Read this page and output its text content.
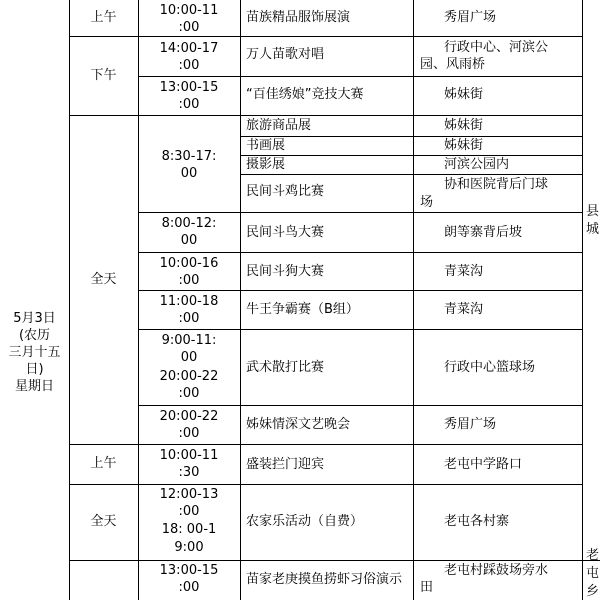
5月3日
(农历
三月十五
日)
星期日
上午
下午
全天
上午
全天
10:00-11
:00
14:00-17
:00
13:00-15
:00
8:30-17:
00
8:00-12:
00
10:00-16
:00
11:00-18
:00
9:00-11:
00
20:00-22
:00
20:00-22
:00
10:00-11
:30
12:00-13
:00
18: 00-1
9:00
13:00-15
:00
苗族精品服饰展演
万人苗歌对唱
“百佳绣娘”竞技大赛
旅游商品展
书画展
摄影展
民间斗鸡比赛
民间斗鸟大赛
民间斗狗大赛
牛王争霸赛（B组）
武术散打比赛
姊妹情深文艺晚会
盛装拦门迎宾
农家乐活动（自费）
苗家老庚摸鱼捞虾习俗演示
秀眉广场
行政中心、河滨公
园、风雨桥
姊妹街
姊妹街
姊妹街
河滨公园内
协和医院背后门球
场
朗等寨背后坡
青菜沟
青菜沟
行政中心篮球场
秀眉广场
老屯中学路口
老屯各村寨
老屯村踩鼓场旁水
田
县
城
老
屯
乡
